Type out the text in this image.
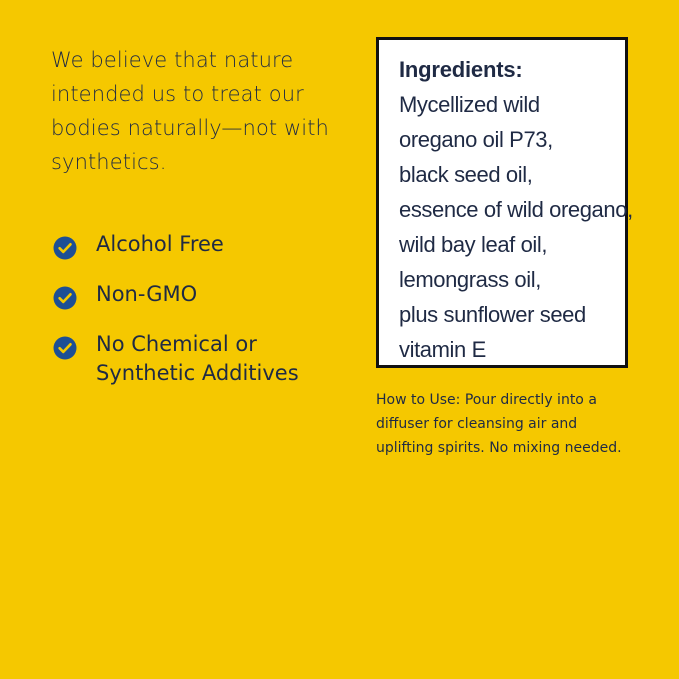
We believe that nature intended us to treat our bodies naturally—not with synthetics.

Alcohol Free
Non-GMO
No Chemical or
Synthetic Additives
Ingredients:
Mycellized wild
oregano oil P73,
black seed oil,
essence of wild oregano,
wild bay leaf oil,
lemongrass oil,
plus sunflower seed
vitamin E

How to Use: Pour directly into a diffuser for cleansing air and uplifting spirits. No mixing needed.
